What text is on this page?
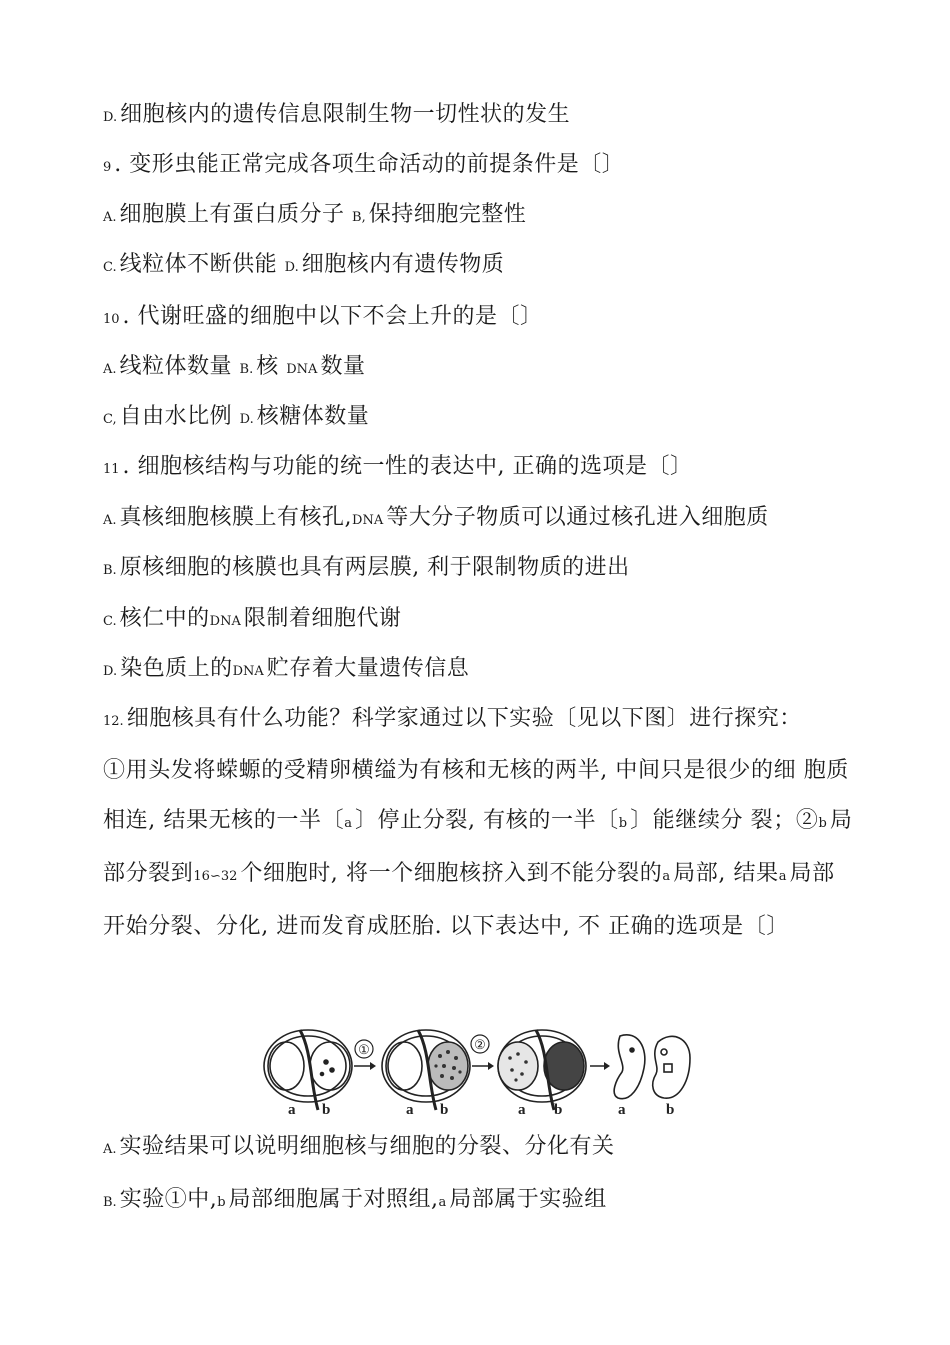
D. 细胞核内的遗传信息限制生物一切性状的发生
9 . 变形虫能正常完成各项生命活动的前提条件是〔〕
A. 细胞膜上有蛋白质分子 B, 保持细胞完整性
C. 线粒体不断供能 D. 细胞核内有遗传物质
10 . 代谢旺盛的细胞中以下不会上升的是〔〕
A. 线粒体数量 B. 核 DNA 数量
C, 自由水比例 D. 核糖体数量
11 . 细胞核结构与功能的统一性的表达中, 正确的选项是〔〕
A. 真核细胞核膜上有核孔,DNA 等大分子物质可以通过核孔进入细胞质
B. 原核细胞的核膜也具有两层膜, 利于限制物质的进出
C. 核仁中的DNA 限制着细胞代谢
D. 染色质上的DNA 贮存着大量遗传信息
12. 细胞核具有什么功能？科学家通过以下实验〔见以下图〕进行探究：
①用头发将蝾螈的受精卵横缢为有核和无核的两半, 中间只是很少的细 胞质相连, 结果无核的一半〔a 〕停止分裂, 有核的一半〔b 〕能继续分 裂；②b 局部分裂到16∽32 个细胞时, 将一个细胞核挤入到不能分裂的a 局部, 结果a 局部开始分裂、分化, 进而发育成胚胎. 以下表达中, 不 正确的选项是〔〕
①	②
a b	a b	a b	a	b
A. 实验结果可以说明细胞核与细胞的分裂、分化有关
B. 实验①中,b 局部细胞属于对照组,a 局部属于实验组
